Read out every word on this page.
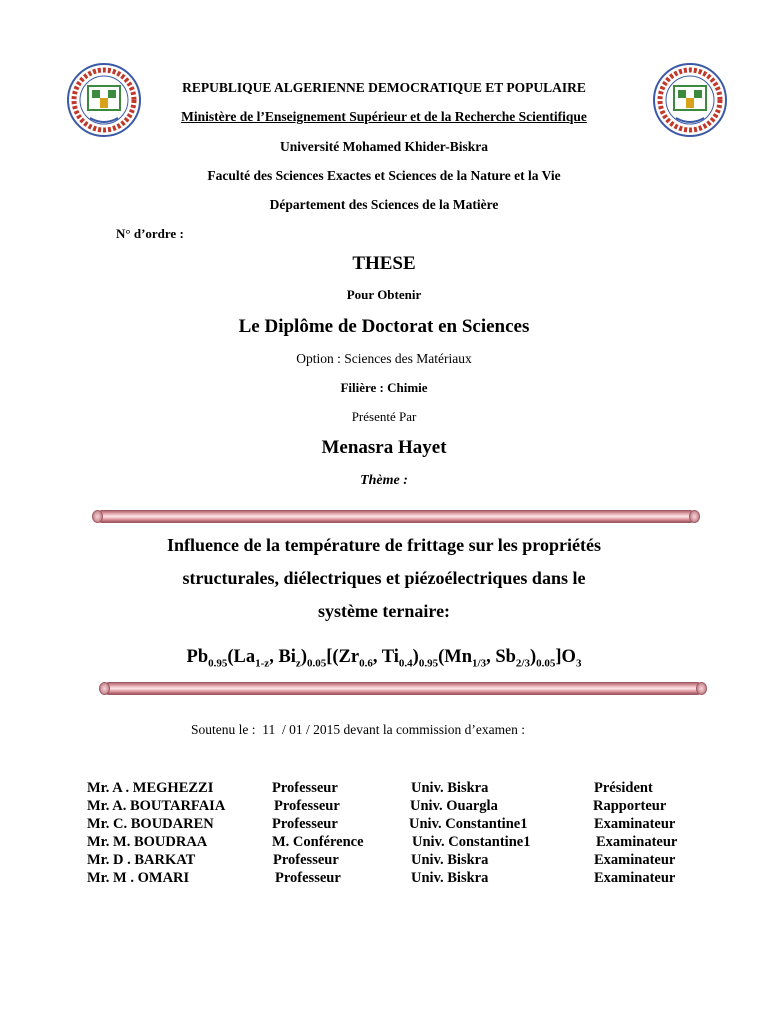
REPUBLIQUE ALGERIENNE DEMOCRATIQUE ET POPULAIRE
Ministère de l’Enseignement Supérieur et de la Recherche Scientifique
Université Mohamed Khider-Biskra
Faculté des Sciences Exactes et Sciences de la Nature et la Vie
Département des Sciences de la Matière
N° d’ordre :
THESE
Pour Obtenir
Le Diplôme de Doctorat en Sciences
Option : Sciences des Matériaux
Filière : Chimie
Présenté Par
Menasra Hayet
Thème :
Influence de la température de frittage sur les propriétés
structurales, diélectriques et piézoélectriques dans le
système ternaire:
$Pb_{0.95}(La_{1-z}$, $Bi_z)_{0.05}[(Zr_{0.6}$, $Ti_{0.4})_{0.95}(Mn_{1/3}$, $Sb_{2/3})_{0.05}]O_3$
Soutenu le :  11  / 01 / 2015 devant la commission d’examen :
Mr. A . MEGHEZZI	Professeur	Univ. Biskra	Président
Mr. A. BOUTARFAIA	Professeur	Univ. Ouargla	Rapporteur
Mr. C. BOUDAREN	Professeur	Univ. Constantine1	Examinateur
Mr. M. BOUDRAA	M. Conférence	Univ. Constantine1	Examinateur
Mr. D . BARKAT	Professeur	Univ. Biskra	Examinateur
Mr. M . OMARI	Professeur	Univ. Biskra	Examinateur
